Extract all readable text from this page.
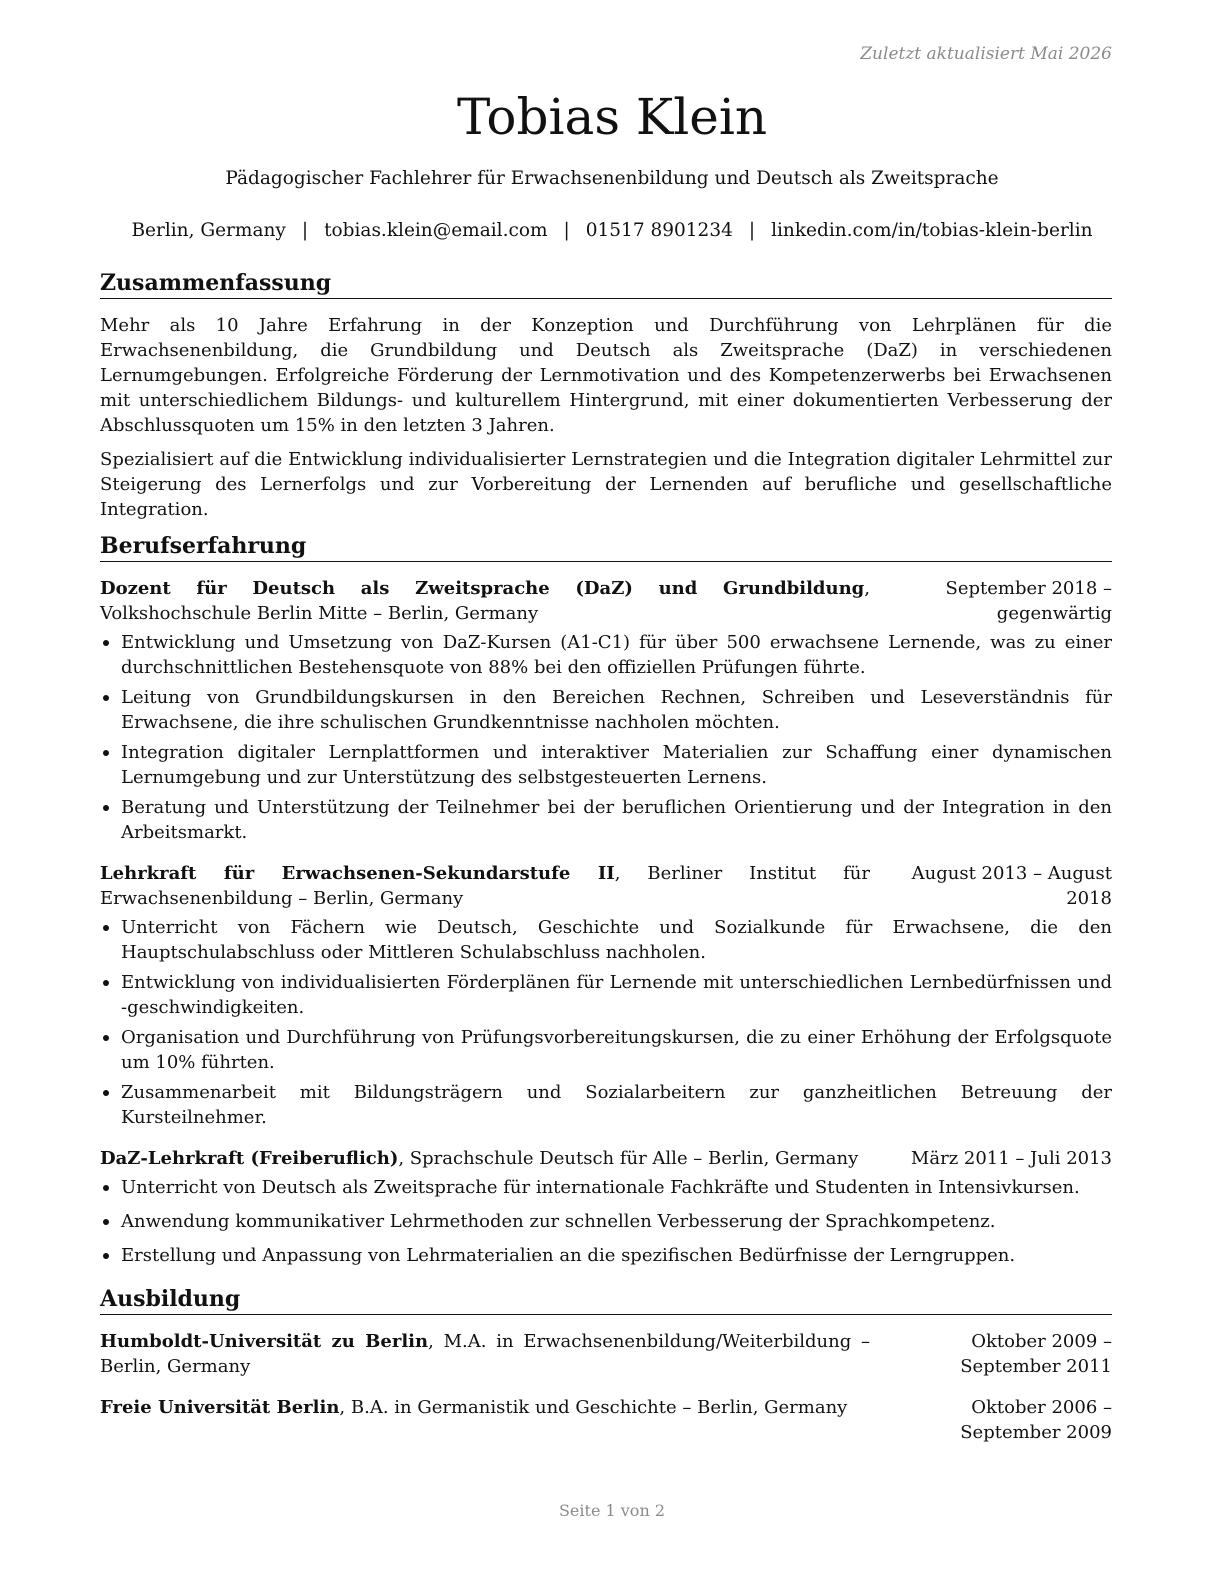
Zuletzt aktualisiert Mai 2026
Tobias Klein
Pädagogischer Fachlehrer für Erwachsenenbildung und Deutsch als Zweitsprache
Berlin, Germany | tobias.klein@email.com | 01517 8901234 | linkedin.com/in/tobias-klein-berlin
Zusammenfassung

Mehr als 10 Jahre Erfahrung in der Konzeption und Durchführung von Lehrplänen für die Erwachsenenbildung, die Grundbildung und Deutsch als Zweitsprache (DaZ) in verschiedenen Lernumgebungen. Erfolgreiche Förderung der Lernmotivation und des Kompetenzerwerbs bei Erwachsenen mit unterschiedlichem Bildungs- und kulturellem Hintergrund, mit einer dokumentierten Verbesserung der Abschlussquoten um 15% in den letzten 3 Jahren.

Spezialisiert auf die Entwicklung individualisierter Lernstrategien und die Integration digitaler Lehrmittel zur Steigerung des Lernerfolgs und zur Vorbereitung der Lernenden auf berufliche und gesellschaftliche Integration.

Berufserfahrung
Dozent für Deutsch als Zweitsprache (DaZ) und Grundbildung, Volkshochschule Berlin Mitte – Berlin, Germany
September 2018 – gegenwärtig
Entwicklung und Umsetzung von DaZ-Kursen (A1-C1) für über 500 erwachsene Lernende, was zu einer durchschnittlichen Bestehensquote von 88% bei den offiziellen Prüfungen führte.
Leitung von Grundbildungskursen in den Bereichen Rechnen, Schreiben und Leseverständnis für Erwachsene, die ihre schulischen Grundkenntnisse nachholen möchten.
Integration digitaler Lernplattformen und interaktiver Materialien zur Schaffung einer dynamischen Lernumgebung und zur Unterstützung des selbstgesteuerten Lernens.
Beratung und Unterstützung der Teilnehmer bei der beruflichen Orientierung und der Integration in den Arbeitsmarkt.
Lehrkraft für Erwachsenen-Sekundarstufe II, Berliner Institut für Erwachsenenbildung – Berlin, Germany
August 2013 – August 2018
Unterricht von Fächern wie Deutsch, Geschichte und Sozialkunde für Erwachsene, die den Hauptschulabschluss oder Mittleren Schulabschluss nachholen.
Entwicklung von individualisierten Förderplänen für Lernende mit unterschiedlichen Lernbedürfnissen und -geschwindigkeiten.
Organisation und Durchführung von Prüfungsvorbereitungskursen, die zu einer Erhöhung der Erfolgsquote um 10% führten.
Zusammenarbeit mit Bildungsträgern und Sozialarbeitern zur ganzheitlichen Betreuung der Kursteilnehmer.
DaZ-Lehrkraft (Freiberuflich), Sprachschule Deutsch für Alle – Berlin, Germany	März 2011 – Juli 2013
Unterricht von Deutsch als Zweitsprache für internationale Fachkräfte und Studenten in Intensivkursen.
Anwendung kommunikativer Lehrmethoden zur schnellen Verbesserung der Sprachkompetenz.
Erstellung und Anpassung von Lehrmaterialien an die spezifischen Bedürfnisse der Lerngruppen.
Ausbildung
Humboldt-Universität zu Berlin, M.A. in Erwachsenenbildung/Weiterbildung – Berlin, Germany
Oktober 2009 – September 2011
Freie Universität Berlin, B.A. in Germanistik und Geschichte – Berlin, Germany	Oktober 2006 – September 2009
Seite 1 von 2
